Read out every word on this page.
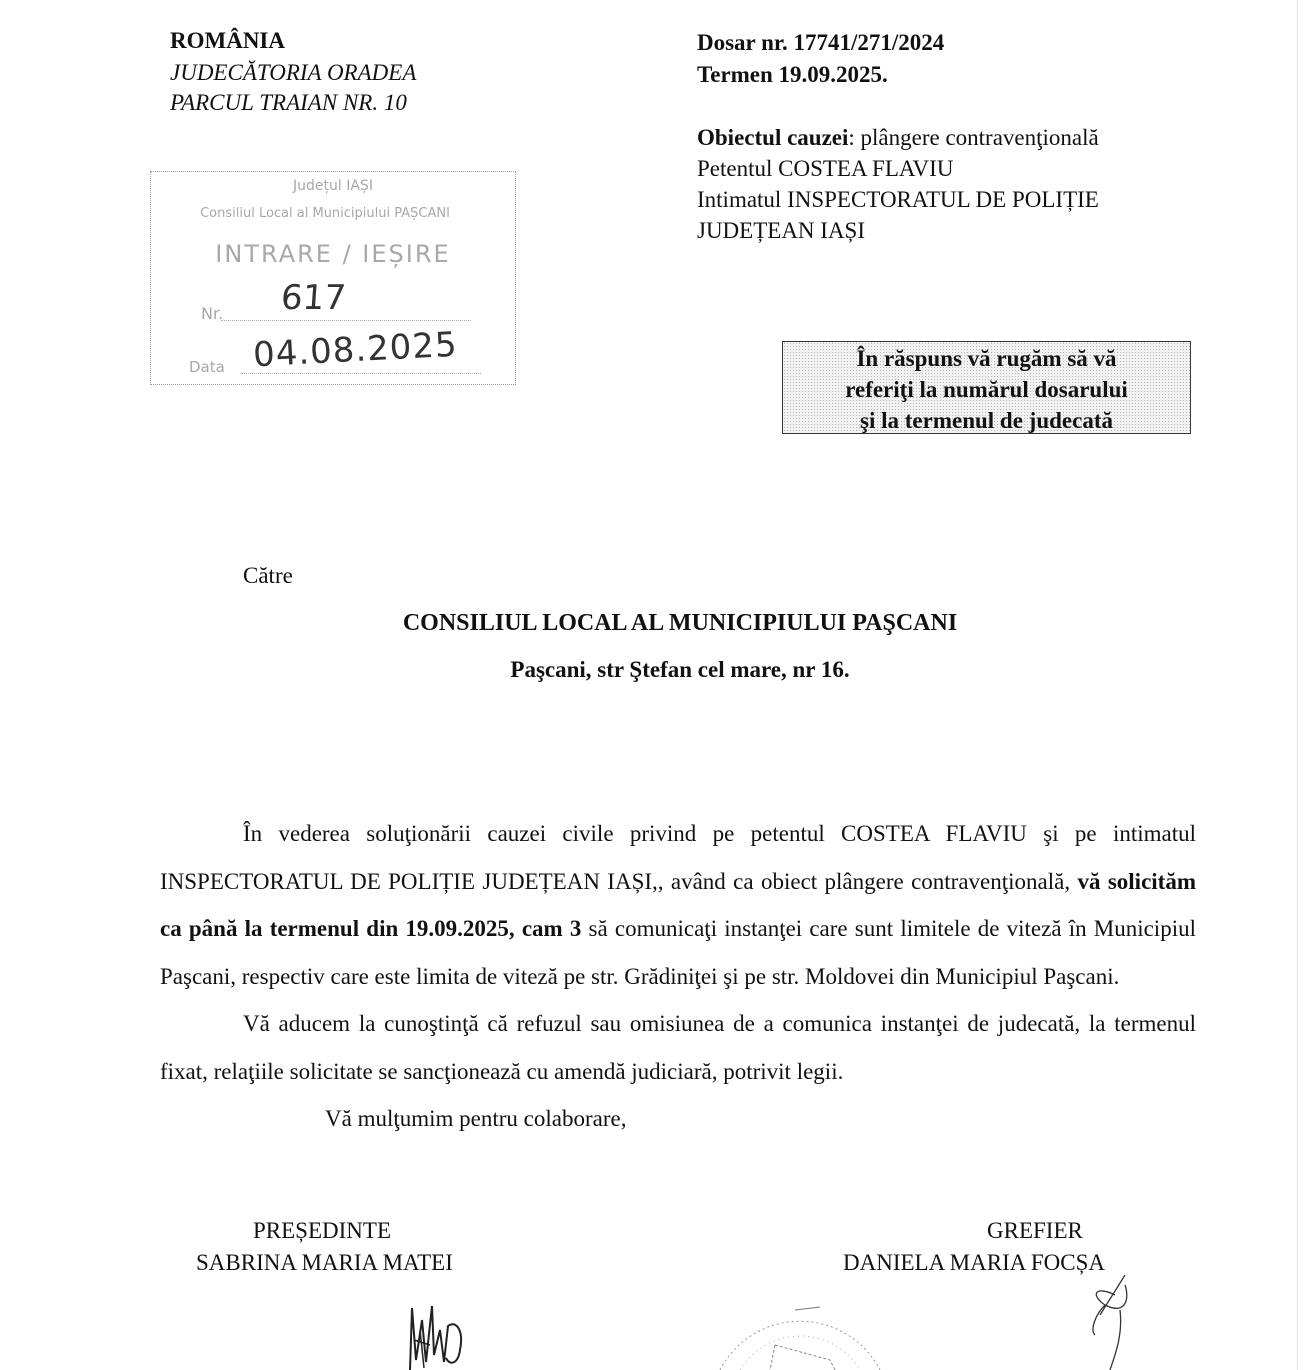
ROMÂNIA
JUDECĂTORIA ORADEA
PARCUL TRAIAN NR. 10
Dosar nr. 17741/271/2024
Termen 19.09.2025.
Obiectul cauzei: plângere contravenţională
Petentul COSTEA FLAVIU
Intimatul INSPECTORATUL DE POLIȚIE
JUDEȚEAN IAȘI
Județul IAȘI
Consiliul Local al Municipiului PAȘCANI
INTRARE / IEȘIRE
Nr. 617
Data 04.08.2025	În răspuns vă rugăm să vă
referiţi la numărul dosarului
şi la termenul de judecată
Către
CONSILIUL LOCAL AL MUNICIPIULUI PAŞCANI
Paşcani, str Ştefan cel mare, nr 16.

În vederea soluţionării cauzei civile privind pe petentul COSTEA FLAVIU şi pe intimatul INSPECTORATUL DE POLIȚIE JUDEȚEAN IAȘI,, având ca obiect plângere contravenţională, vă solicităm ca până la termenul din 19.09.2025, cam 3 să comunicaţi instanţei care sunt limitele de viteză în Municipiul Paşcani, respectiv care este limita de viteză pe str. Grădiniţei şi pe str. Moldovei din Municipiul Paşcani.

Vă aducem la cunoştinţă că refuzul sau omisiunea de a comunica instanţei de judecată, la termenul fixat, relaţiile solicitate se sancţionează cu amendă judiciară, potrivit legii.

Vă mulţumim pentru colaborare,

PREȘEDINTE
SABRINA MARIA MATEI
GREFIER
DANIELA MARIA FOCȘA
